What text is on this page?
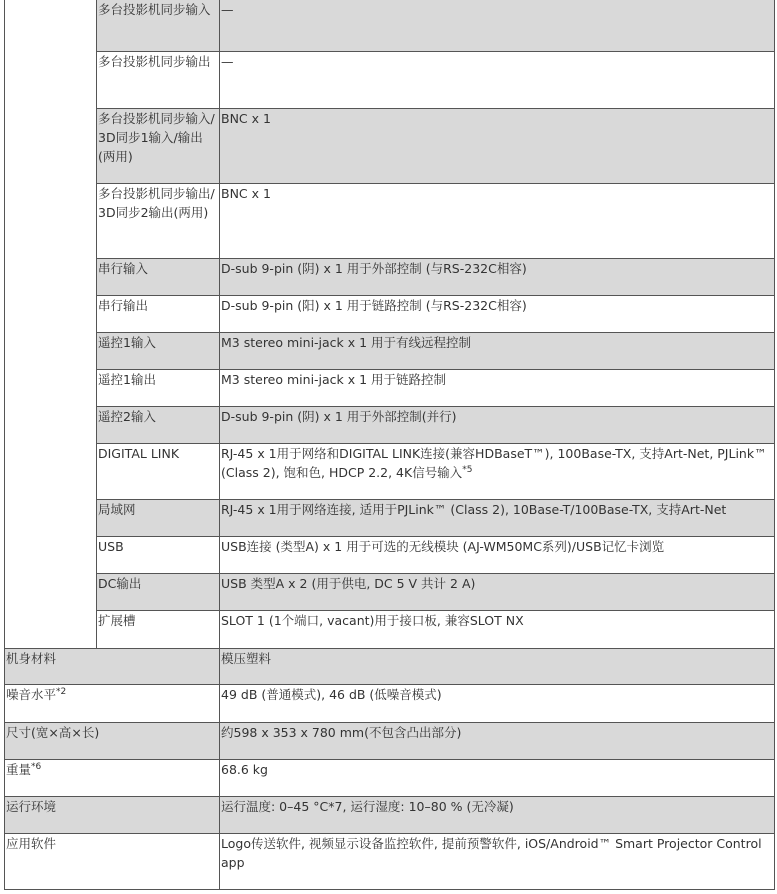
	多台投影机同步输入	—
	多台投影机同步输出	—
	多台投影机同步输入/ 3D同步1输入/输出(两用)	BNC x 1
	多台投影机同步输出/ 3D同步2输出(两用)	BNC x 1
	串行输入	D-sub 9-pin (阴) x 1 用于外部控制 (与RS-232C相容)
	串行输出	D-sub 9-pin (阳) x 1 用于链路控制 (与RS-232C相容)
	遥控1输入	M3 stereo mini-jack x 1 用于有线远程控制
	遥控1输出	M3 stereo mini-jack x 1 用于链路控制
	遥控2输入	D-sub 9-pin (阴) x 1 用于外部控制(并行)
	DIGITAL LINK	RJ-45 x 1用于网络和DIGITAL LINK连接(兼容HDBaseT™), 100Base-TX, 支持Art-Net, PJLink™ (Class 2), 饱和色, HDCP 2.2, 4K信号输入$^{*5}$
	局域网	RJ-45 x 1用于网络连接, 适用于PJLink™ (Class 2), 10Base-T/100Base-TX, 支持Art-Net
	USB	USB连接 (类型A) x 1 用于可选的无线模块 (AJ-WM50MC系列)/USB记忆卡浏览
	DC输出	USB 类型A x 2 (用于供电, DC 5 V 共计 2 A)
	扩展槽	SLOT 1 (1个端口, vacant)用于接口板, 兼容SLOT NX
机身材料		模压塑料
噪音水平$^{*2}$		49 dB (普通模式), 46 dB (低噪音模式)
尺寸(宽×高×长)		约598 x 353 x 780 mm(不包含凸出部分)
重量$^{*6}$		68.6 kg
运行环境		运行温度: 0–45 °C*7, 运行湿度: 10–80 % (无冷凝)
应用软件		Logo传送软件, 视频显示设备监控软件, 提前预警软件, iOS/Android™ Smart Projector Control app
